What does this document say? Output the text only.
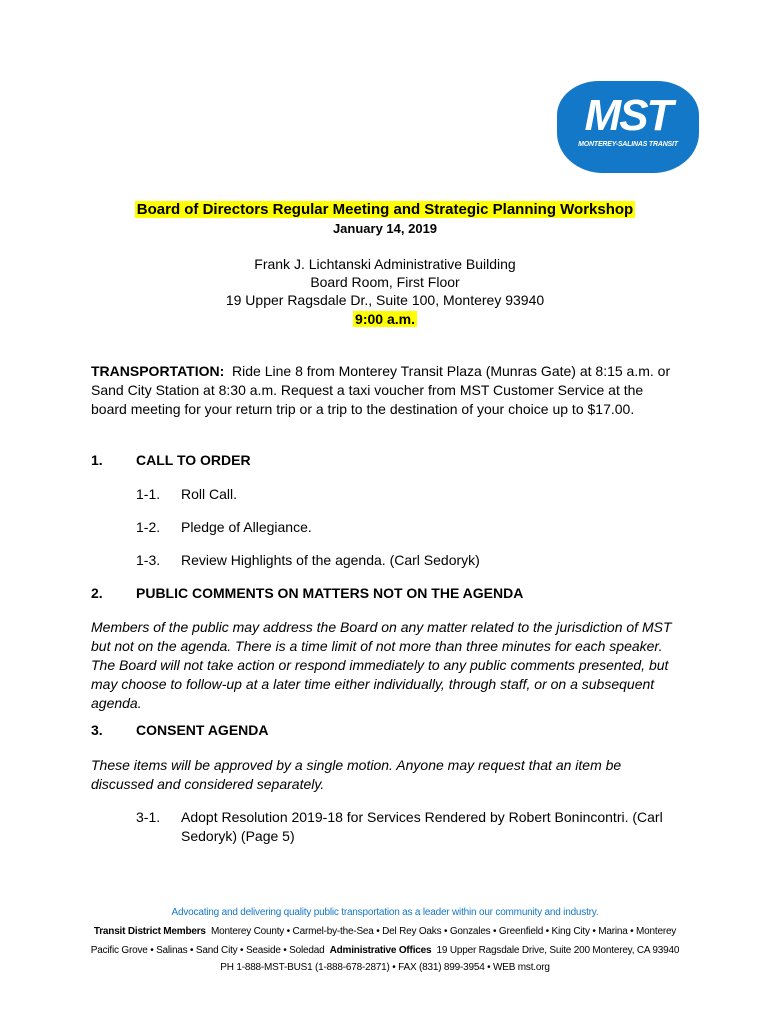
MST
MONTEREY-SALINAS TRANSIT
Board of Directors Regular Meeting and Strategic Planning Workshop
January 14, 2019
Frank J. Lichtanski Administrative Building
Board Room, First Floor
19 Upper Ragsdale Dr., Suite 100, Monterey 93940
9:00 a.m.
TRANSPORTATION: Ride Line 8 from Monterey Transit Plaza (Munras Gate) at 8:15 a.m. or Sand City Station at 8:30 a.m. Request a taxi voucher from MST Customer Service at the board meeting for your return trip or a trip to the destination of your choice up to $17.00.
1. CALL TO ORDER
1-1. Roll Call.
1-2. Pledge of Allegiance.
1-3. Review Highlights of the agenda. (Carl Sedoryk)
2. PUBLIC COMMENTS ON MATTERS NOT ON THE AGENDA
Members of the public may address the Board on any matter related to the jurisdiction of MST but not on the agenda. There is a time limit of not more than three minutes for each speaker. The Board will not take action or respond immediately to any public comments presented, but may choose to follow-up at a later time either individually, through staff, or on a subsequent agenda.
3. CONSENT AGENDA
These items will be approved by a single motion. Anyone may request that an item be discussed and considered separately.
3-1. Adopt Resolution 2019-18 for Services Rendered by Robert Bonincontri. (Carl Sedoryk) (Page 5)
Advocating and delivering quality public transportation as a leader within our community and industry.
Transit District Members Monterey County • Carmel-by-the-Sea • Del Rey Oaks • Gonzales • Greenfield • King City • Marina • Monterey
Pacific Grove • Salinas • Sand City • Seaside • Soledad Administrative Offices 19 Upper Ragsdale Drive, Suite 200 Monterey, CA 93940
PH 1-888-MST-BUS1 (1-888-678-2871) • FAX (831) 899-3954 • WEB mst.org
